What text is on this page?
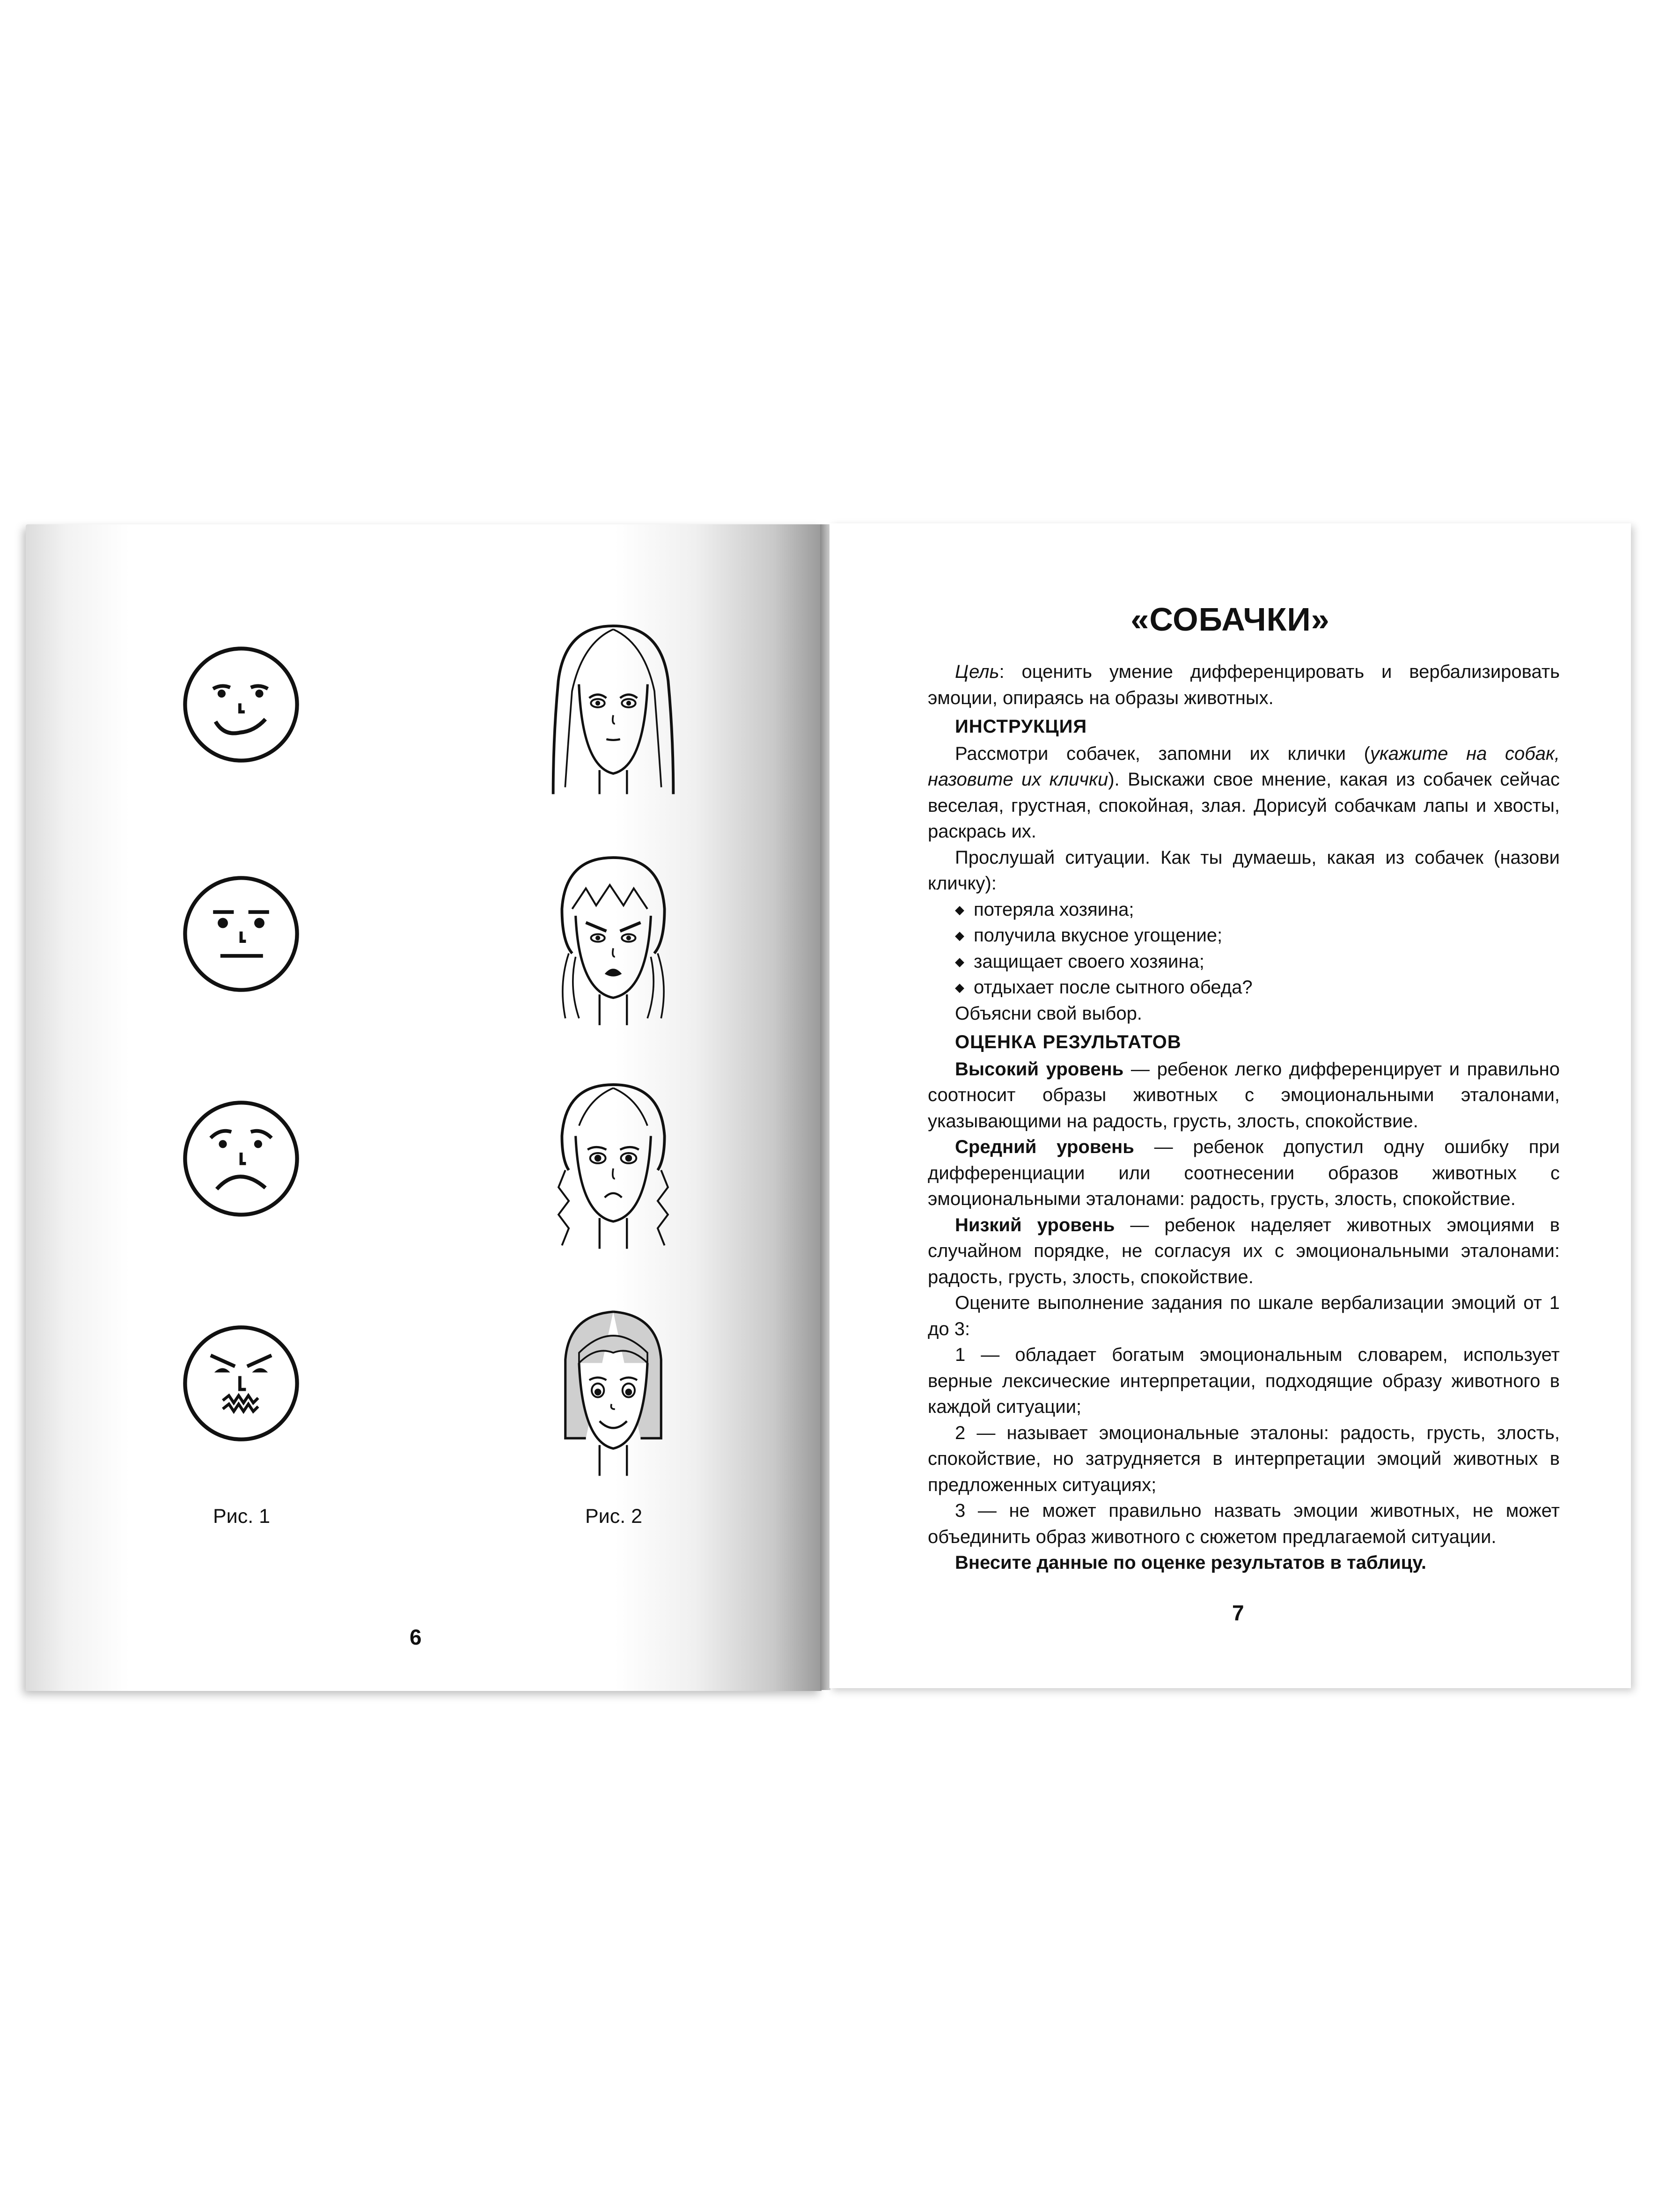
Рис. 1	Рис. 2
6
«СОБАЧКИ»

Цель: оценить умение дифференцировать и вербализировать эмоции, опираясь на образы животных.

ИНСТРУКЦИЯ

Рассмотри собачек, запомни их клички (укажите на собак, назовите их клички). Выскажи свое мнение, какая из собачек сейчас веселая, грустная, спокойная, злая. Дорисуй собачкам лапы и хвосты, раскрась их.

Прослушай ситуации. Как ты думаешь, какая из собачек (назови кличку):

◆ потеряла хозяина;
◆ получила вкусное угощение;
◆ защищает своего хозяина;
◆ отдыхает после сытного обеда?

Объясни свой выбор.

ОЦЕНКА РЕЗУЛЬТАТОВ

Высокий уровень — ребенок легко дифференцирует и правильно соотносит образы животных с эмоциональными эталонами, указывающими на радость, грусть, злость, спокойствие.

Средний уровень — ребенок допустил одну ошибку при дифференциации или соотнесении образов животных с эмоциональными эталонами: радость, грусть, злость, спокойствие.

Низкий уровень — ребенок наделяет животных эмоциями в случайном порядке, не согласуя их с эмоциональными эталонами: радость, грусть, злость, спокойствие.

Оцените выполнение задания по шкале вербализации эмоций от 1 до 3:

1 — обладает богатым эмоциональным словарем, использует верные лексические интерпретации, подходящие образу животного в каждой ситуации;

2 — называет эмоциональные эталоны: радость, грусть, злость, спокойствие, но затрудняется в интерпретации эмоций животных в предложенных ситуациях;

3 — не может правильно назвать эмоции животных, не может объединить образ животного с сюжетом предлагаемой ситуации.

Внесите данные по оценке результатов в таблицу.

7
